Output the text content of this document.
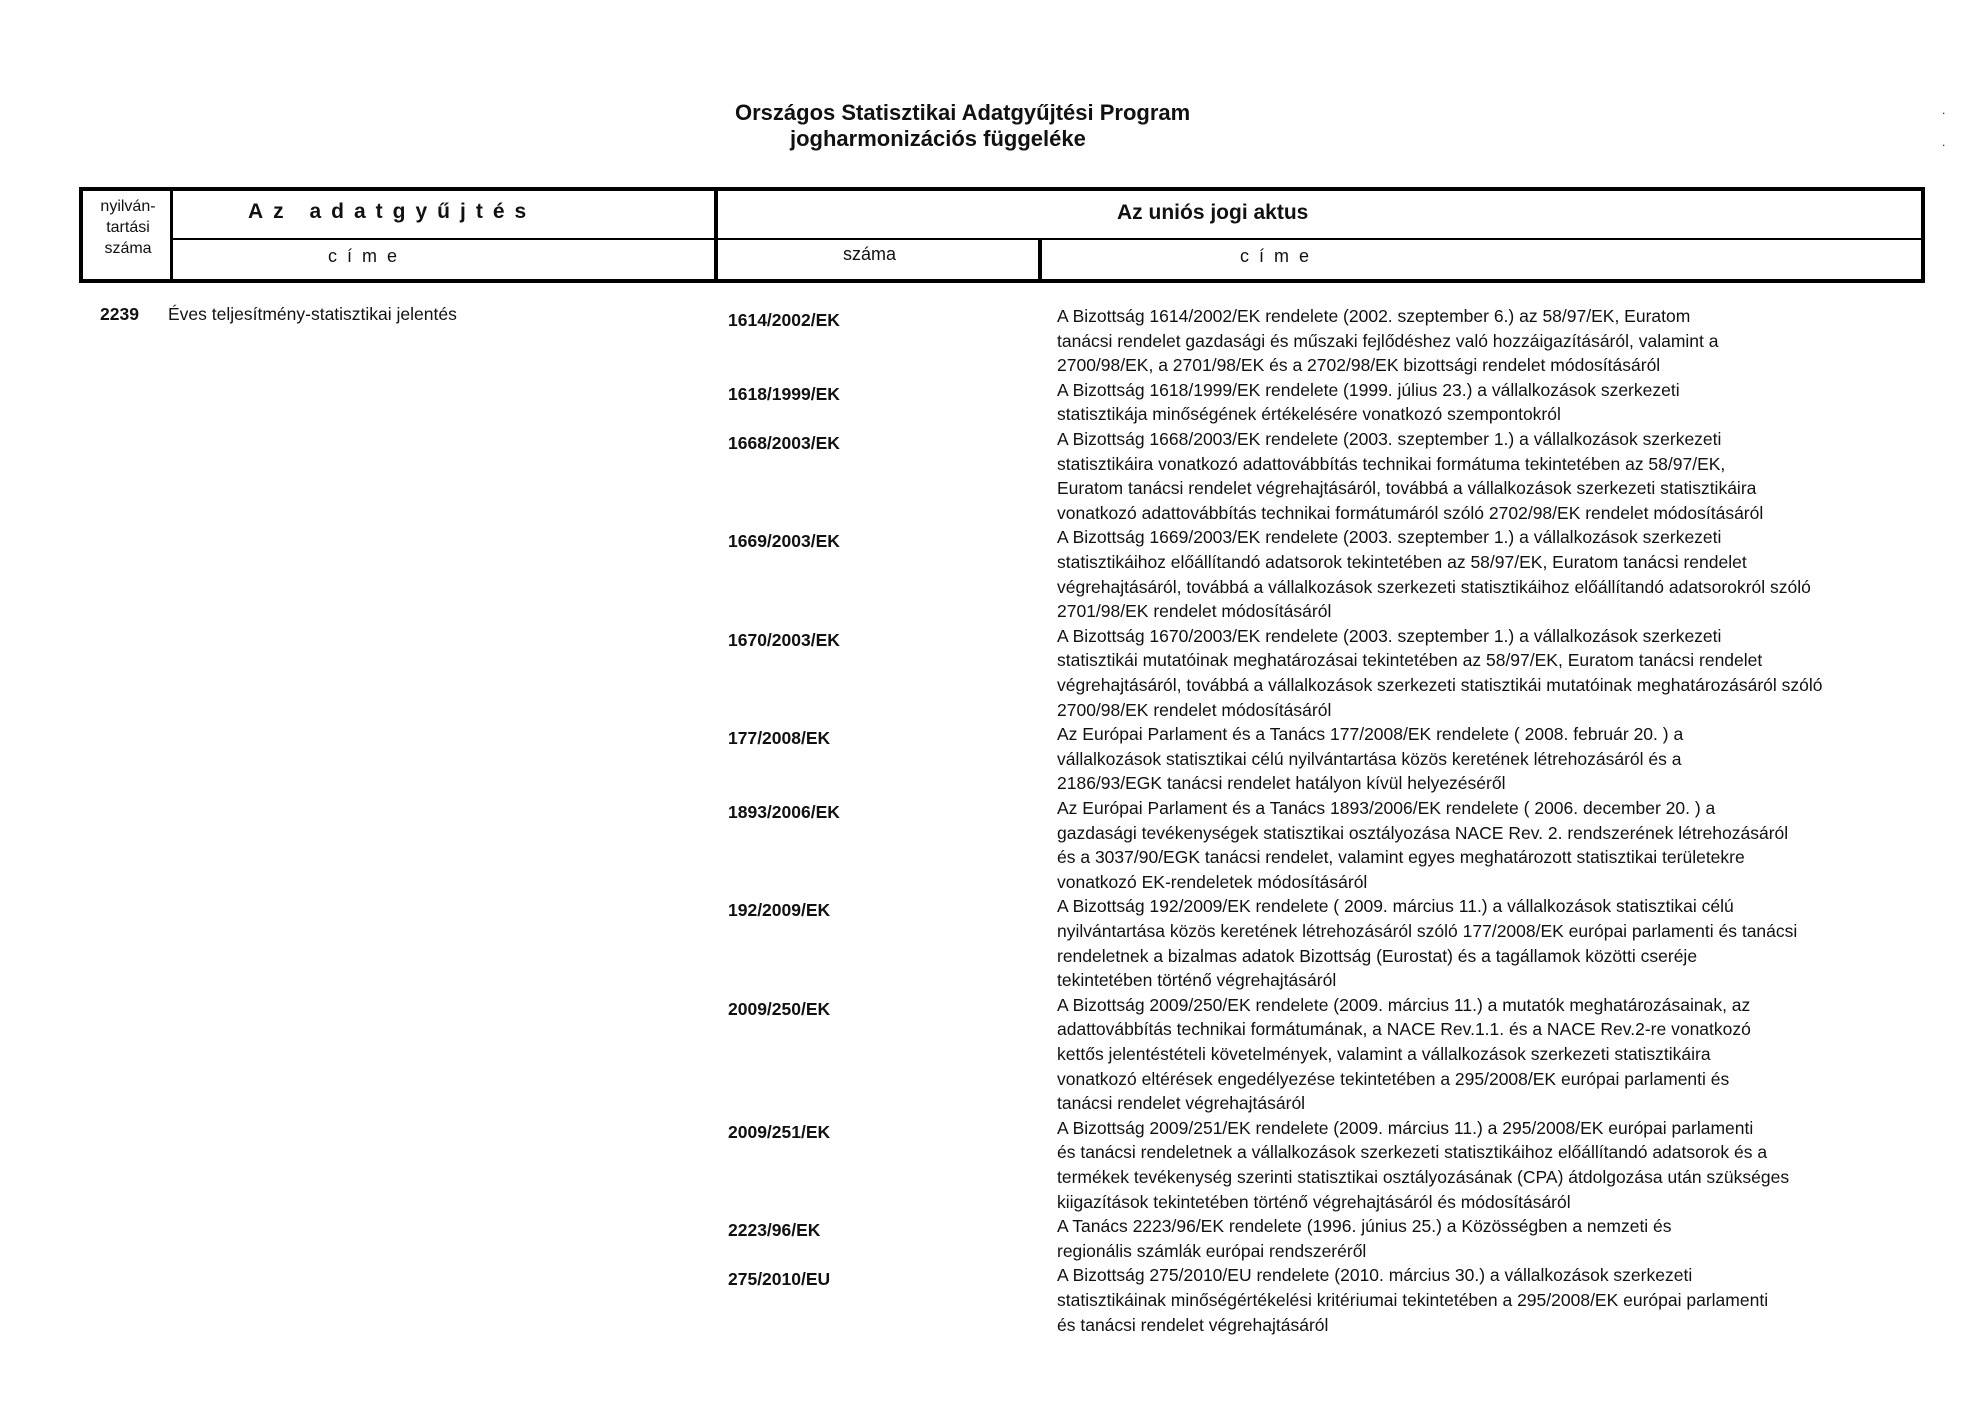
Országos Statisztikai Adatgyűjtési Program
jogharmonizációs függeléke
.
.
nyilván-
tartási
száma
Az adatgyűjtés
címe
Az uniós jogi aktus
száma	címe
2239 Éves teljesítmény-statisztikai jelentés	1614/2002/EK	A Bizottság 1614/2002/EK rendelete (2002. szeptember 6.) az 58/97/EK, Euratom
tanácsi rendelet gazdasági és műszaki fejlődéshez való hozzáigazításáról, valamint a
2700/98/EK, a 2701/98/EK és a 2702/98/EK bizottsági rendelet módosításáról
1618/1999/EK	A Bizottság 1618/1999/EK rendelete (1999. július 23.) a vállalkozások szerkezeti
statisztikája minőségének értékelésére vonatkozó szempontokról
1668/2003/EK	A Bizottság 1668/2003/EK rendelete (2003. szeptember 1.) a vállalkozások szerkezeti
statisztikáira vonatkozó adattovábbítás technikai formátuma tekintetében az 58/97/EK,
Euratom tanácsi rendelet végrehajtásáról, továbbá a vállalkozások szerkezeti statisztikáira
vonatkozó adattovábbítás technikai formátumáról szóló 2702/98/EK rendelet módosításáról
1669/2003/EK	A Bizottság 1669/2003/EK rendelete (2003. szeptember 1.) a vállalkozások szerkezeti
statisztikáihoz előállítandó adatsorok tekintetében az 58/97/EK, Euratom tanácsi rendelet
végrehajtásáról, továbbá a vállalkozások szerkezeti statisztikáihoz előállítandó adatsorokról szóló
2701/98/EK rendelet módosításáról
1670/2003/EK	A Bizottság 1670/2003/EK rendelete (2003. szeptember 1.) a vállalkozások szerkezeti
statisztikái mutatóinak meghatározásai tekintetében az 58/97/EK, Euratom tanácsi rendelet
végrehajtásáról, továbbá a vállalkozások szerkezeti statisztikái mutatóinak meghatározásáról szóló
2700/98/EK rendelet módosításáról
177/2008/EK	Az Európai Parlament és a Tanács 177/2008/EK rendelete ( 2008. február 20. ) a
vállalkozások statisztikai célú nyilvántartása közös keretének létrehozásáról és a
2186/93/EGK tanácsi rendelet hatályon kívül helyezéséről
1893/2006/EK	Az Európai Parlament és a Tanács 1893/2006/EK rendelete ( 2006. december 20. ) a
gazdasági tevékenységek statisztikai osztályozása NACE Rev. 2. rendszerének létrehozásáról
és a 3037/90/EGK tanácsi rendelet, valamint egyes meghatározott statisztikai területekre
vonatkozó EK-rendeletek módosításáról
192/2009/EK	A Bizottság 192/2009/EK rendelete ( 2009. március 11.) a vállalkozások statisztikai célú
nyilvántartása közös keretének létrehozásáról szóló 177/2008/EK európai parlamenti és tanácsi
rendeletnek a bizalmas adatok Bizottság (Eurostat) és a tagállamok közötti cseréje
tekintetében történő végrehajtásáról
2009/250/EK	A Bizottság 2009/250/EK rendelete (2009. március 11.) a mutatók meghatározásainak, az
adattovábbítás technikai formátumának, a NACE Rev.1.1. és a NACE Rev.2-re vonatkozó
kettős jelentéstételi követelmények, valamint a vállalkozások szerkezeti statisztikáira
vonatkozó eltérések engedélyezése tekintetében a 295/2008/EK európai parlamenti és
tanácsi rendelet végrehajtásáról
2009/251/EK	A Bizottság 2009/251/EK rendelete (2009. március 11.) a 295/2008/EK európai parlamenti
és tanácsi rendeletnek a vállalkozások szerkezeti statisztikáihoz előállítandó adatsorok és a
termékek tevékenység szerinti statisztikai osztályozásának (CPA) átdolgozása után szükséges
kiigazítások tekintetében történő végrehajtásáról és módosításáról
2223/96/EK	A Tanács 2223/96/EK rendelete (1996. június 25.) a Közösségben a nemzeti és
regionális számlák európai rendszeréről
275/2010/EU	A Bizottság 275/2010/EU rendelete (2010. március 30.) a vállalkozások szerkezeti
statisztikáinak minőségértékelési kritériumai tekintetében a 295/2008/EK európai parlamenti
és tanácsi rendelet végrehajtásáról
